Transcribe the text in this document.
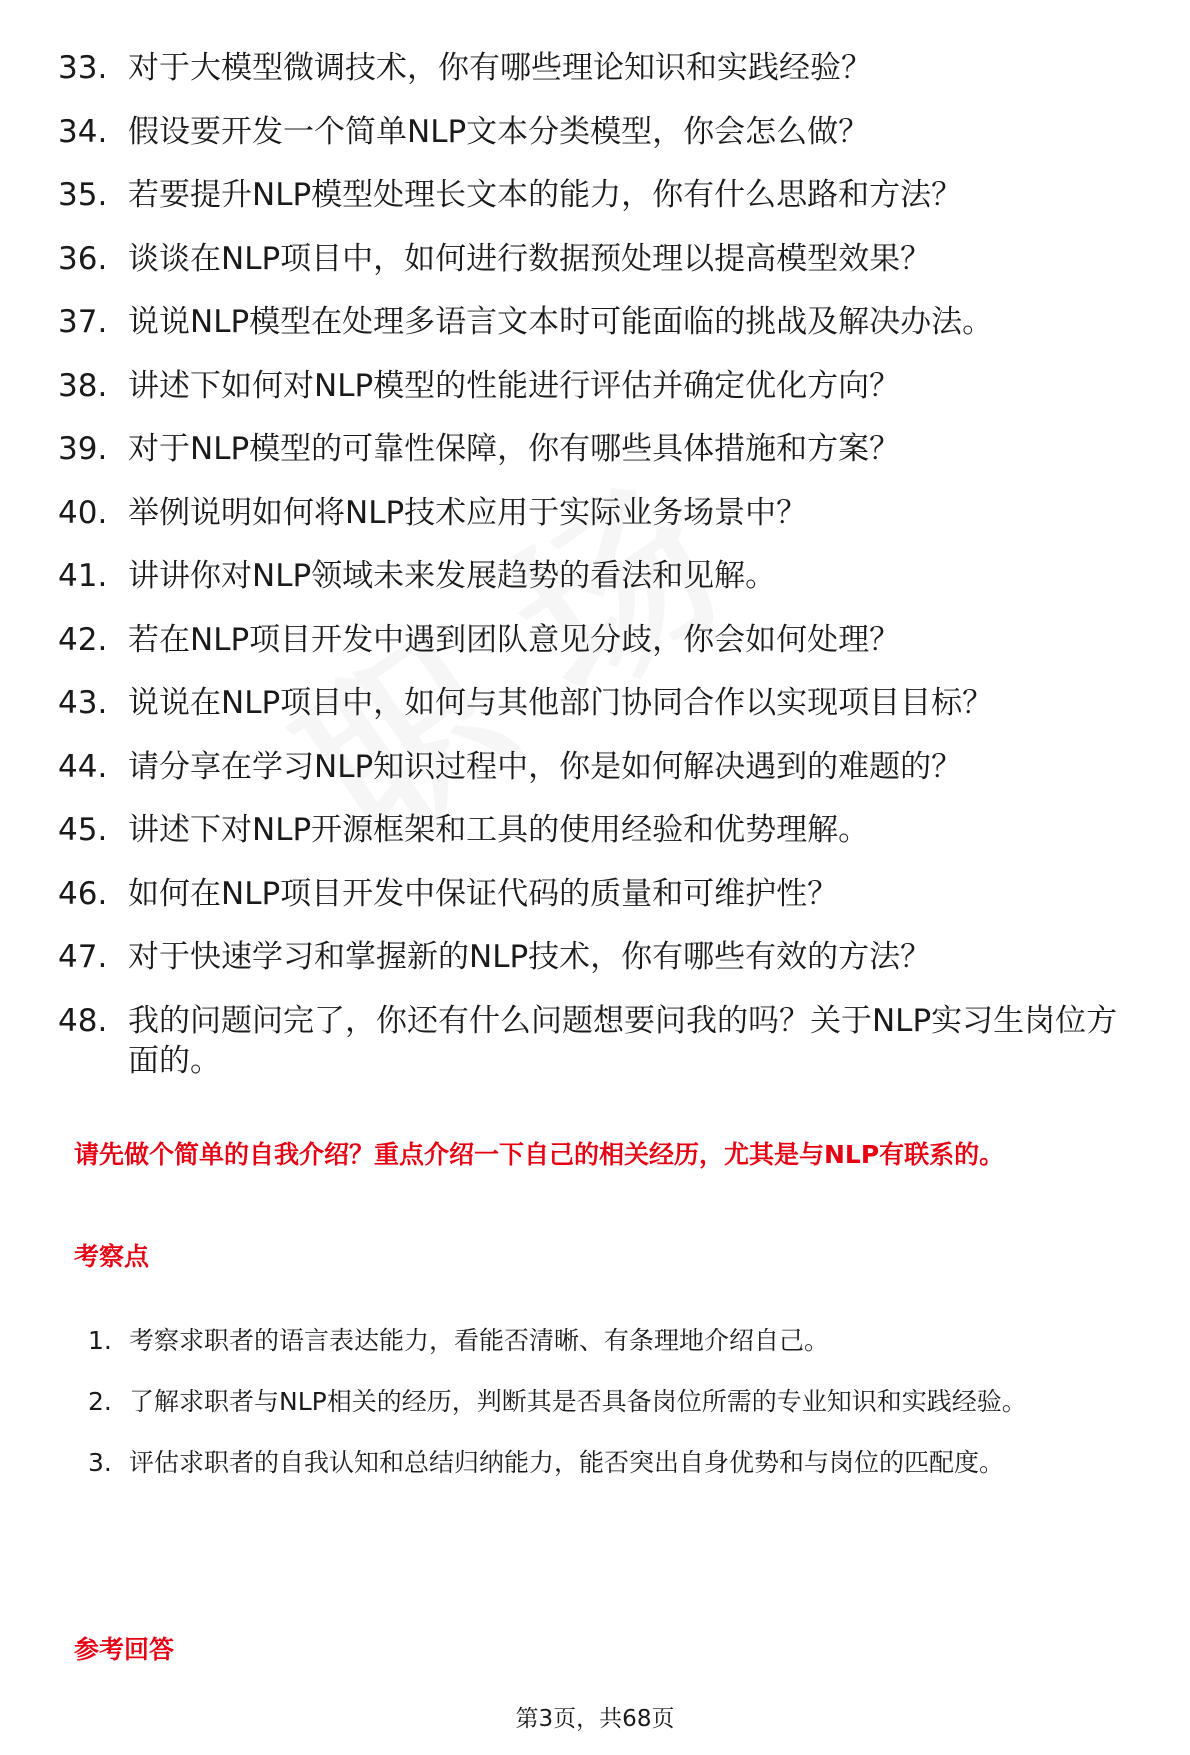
33. 对于大模型微调技术，你有哪些理论知识和实践经验？
34. 假设要开发一个简单NLP文本分类模型，你会怎么做？
35. 若要提升NLP模型处理长文本的能力，你有什么思路和方法？
36. 谈谈在NLP项目中，如何进行数据预处理以提高模型效果？
37. 说说NLP模型在处理多语言文本时可能面临的挑战及解决办法。
38. 讲述下如何对NLP模型的性能进行评估并确定优化方向？
39. 对于NLP模型的可靠性保障，你有哪些具体措施和方案？
40. 举例说明如何将NLP技术应用于实际业务场景中？
41. 讲讲你对NLP领域未来发展趋势的看法和见解。
42. 若在NLP项目开发中遇到团队意见分歧，你会如何处理？
43. 说说在NLP项目中，如何与其他部门协同合作以实现项目目标？
44. 请分享在学习NLP知识过程中，你是如何解决遇到的难题的？
45. 讲述下对NLP开源框架和工具的使用经验和优势理解。
46. 如何在NLP项目开发中保证代码的质量和可维护性？
47. 对于快速学习和掌握新的NLP技术，你有哪些有效的方法？
48. 我的问题问完了，你还有什么问题想要问我的吗？关于NLP实习生岗位方面的。
请先做个简单的自我介绍？重点介绍一下自己的相关经历，尤其是与NLP有联系的。
考察点
1. 考察求职者的语言表达能力，看能否清晰、有条理地介绍自己。
2. 了解求职者与NLP相关的经历，判断其是否具备岗位所需的专业知识和实践经验。
3. 评估求职者的自我认知和总结归纳能力，能否突出自身优势和与岗位的匹配度。
参考回答
第3页，共68页
